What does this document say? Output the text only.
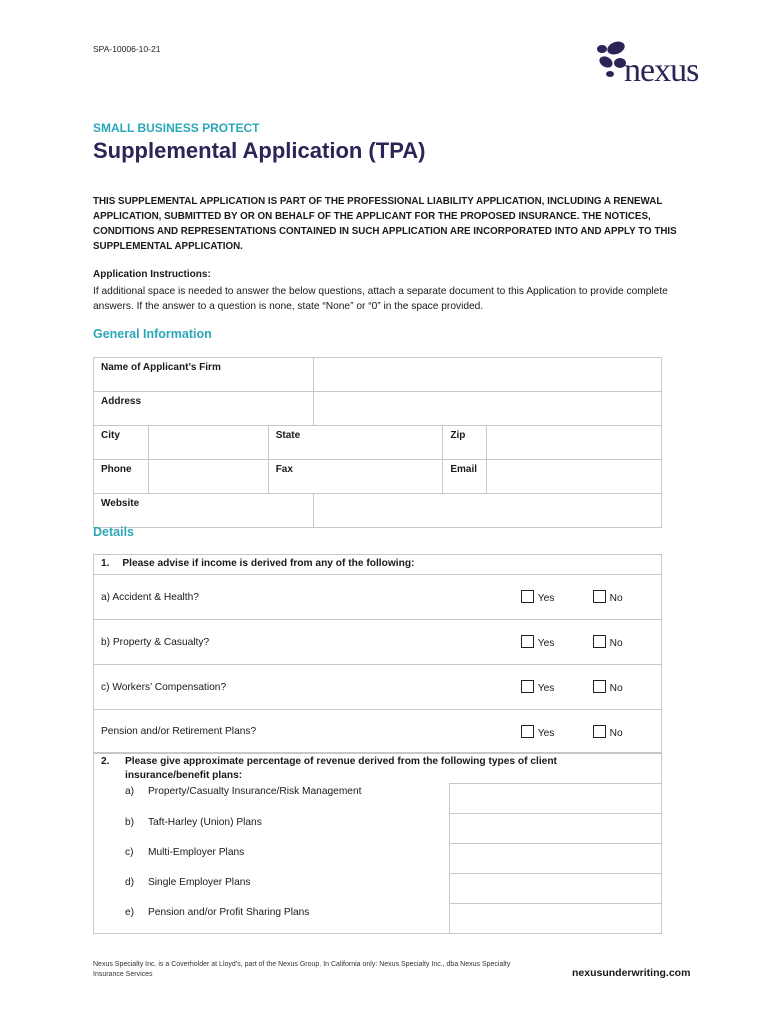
SPA-10006-10-21
nexus
SMALL BUSINESS PROTECT
Supplemental Application (TPA)
THIS SUPPLEMENTAL APPLICATION IS PART OF THE PROFESSIONAL LIABILITY APPLICATION, INCLUDING A RENEWAL APPLICATION, SUBMITTED BY OR ON BEHALF OF THE APPLICANT FOR THE PROPOSED INSURANCE. THE NOTICES, CONDITIONS AND REPRESENTATIONS CONTAINED IN SUCH APPLICATION ARE INCORPORATED INTO AND APPLY TO THIS SUPPLEMENTAL APPLICATION.
Application Instructions:
If additional space is needed to answer the below questions, attach a separate document to this Application to provide complete answers. If the answer to a question is none, state “None” or “0” in the space provided.
General Information
Name of Applicant’s Firm					
Address					
City		State		Zip	
Phone		Fax		Email	
Website					
Details
1. Please advise if income is derived from any of the following:		
a) Accident & Health?	Yes	No
b) Property & Casualty?	Yes	No
c) Workers’ Compensation?	Yes	No
Pension and/or Retirement Plans?	Yes	No
2. Please give approximate percentage of revenue derived from the following types of client insurance/benefit plans:	

a) Property/Casualty Insurance/Risk Management	
b) Taft-Harley (Union) Plans	
c) Multi-Employer Plans	
d) Single Employer Plans	
e) Pension and/or Profit Sharing Plans	
Nexus Specialty Inc. is a Coverholder at Lloyd’s, part of the Nexus Group. In California only: Nexus Specialty Inc., dba Nexus Specialty Insurance Services	nexusunderwriting.com
